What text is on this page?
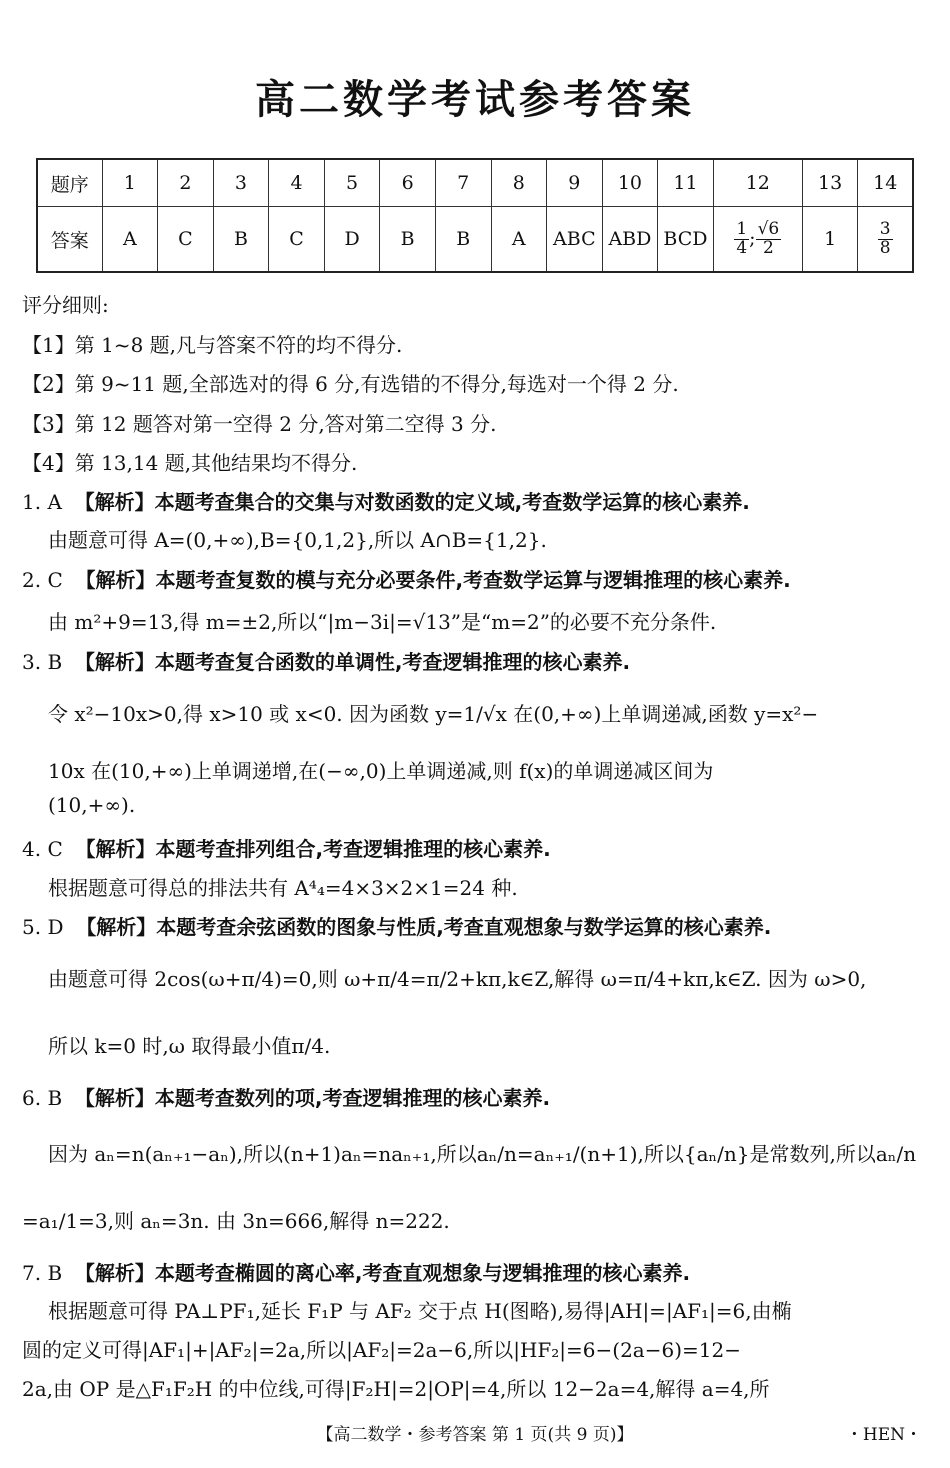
高二数学考试参考答案
题序	1	2	3	4	5	6	7	8	9	10	11	12	13	14
答案	A	C	B	C	D	B	B	A	ABC	ABD	BCD	$\frac{1}{4}$ ; $\frac{√6}{2}$	1	$\frac{3}{8}$
评分细则:
【1】第 1~8 题,凡与答案不符的均不得分.
【2】第 9~11 题,全部选对的得 6 分,有选错的不得分,每选对一个得 2 分.
【3】第 12 题答对第一空得 2 分,答对第二空得 3 分.
【4】第 13,14 题,其他结果均不得分.
1. A 【解析】本题考查集合的交集与对数函数的定义域,考查数学运算的核心素养.
由题意可得 A=(0,+∞),B={0,1,2},所以 A∩B={1,2}.
2. C 【解析】本题考查复数的模与充分必要条件,考查数学运算与逻辑推理的核心素养.
由 m²+9=13,得 m=±2,所以“|m−3i|=√13”是“m=2”的必要不充分条件.
3. B 【解析】本题考查复合函数的单调性,考查逻辑推理的核心素养.
令 x²−10x>0,得 x>10 或 x<0. 因为函数 y=1/√x 在(0,+∞)上单调递减,函数 y=x²−
10x 在(10,+∞)上单调递增,在(−∞,0)上单调递减,则 f(x)的单调递减区间为
(10,+∞).
4. C 【解析】本题考查排列组合,考查逻辑推理的核心素养.
根据题意可得总的排法共有 A⁴₄=4×3×2×1=24 种.
5. D 【解析】本题考查余弦函数的图象与性质,考查直观想象与数学运算的核心素养.
由题意可得 2cos(ω+π/4)=0,则 ω+π/4=π/2+kπ,k∈Z,解得 ω=π/4+kπ,k∈Z. 因为 ω>0,
所以 k=0 时,ω 取得最小值π/4.
6. B 【解析】本题考查数列的项,考查逻辑推理的核心素养.
因为 aₙ=n(aₙ₊₁−aₙ),所以(n+1)aₙ=naₙ₊₁,所以aₙ/n=aₙ₊₁/(n+1),所以{aₙ/n}是常数列,所以aₙ/n
=a₁/1=3,则 aₙ=3n. 由 3n=666,解得 n=222.
7. B 【解析】本题考查椭圆的离心率,考查直观想象与逻辑推理的核心素养.
根据题意可得 PA⊥PF₁,延长 F₁P 与 AF₂ 交于点 H(图略),易得|AH|=|AF₁|=6,由椭
圆的定义可得|AF₁|+|AF₂|=2a,所以|AF₂|=2a−6,所以|HF₂|=6−(2a−6)=12−
2a,由 OP 是△F₁F₂H 的中位线,可得|F₂H|=2|OP|=4,所以 12−2a=4,解得 a=4,所
【高二数学・参考答案 第 1 页(共 9 页)】	・HEN・
